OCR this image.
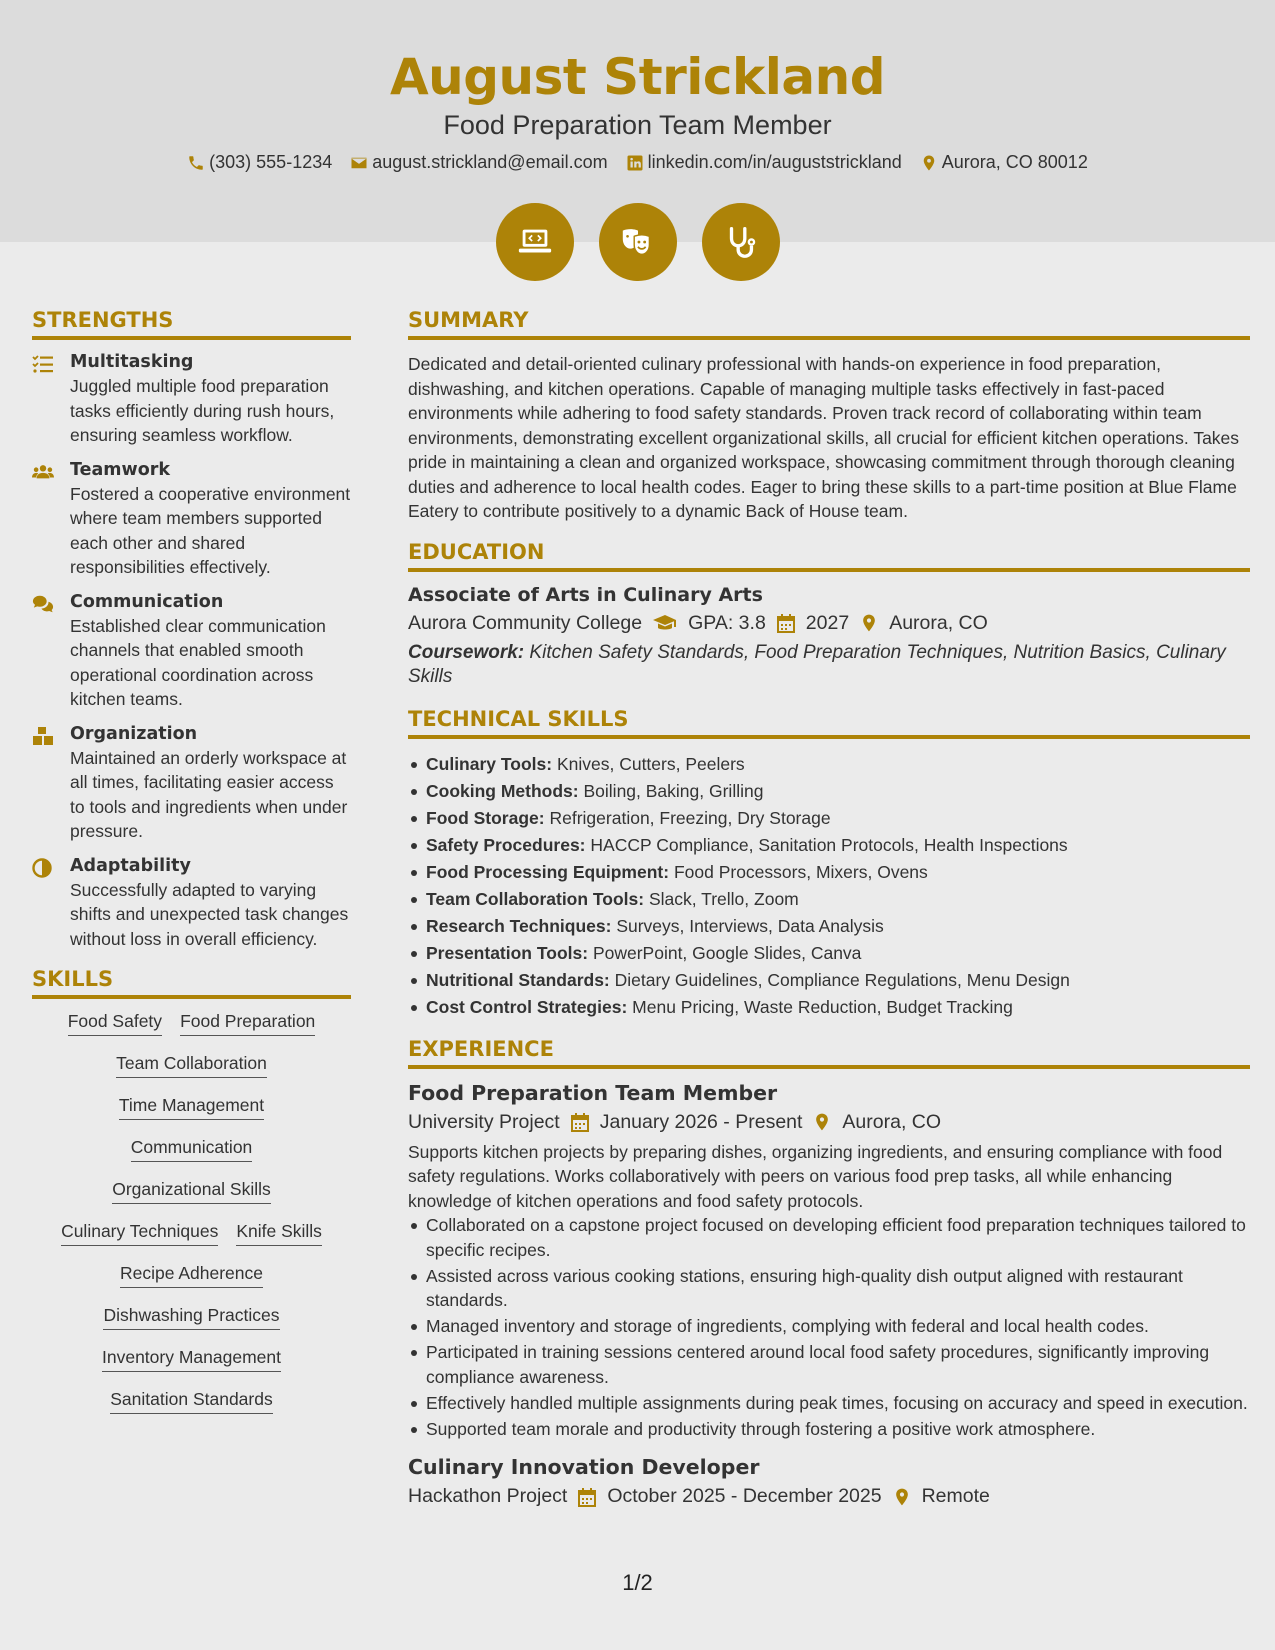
August Strickland
Food Preparation Team Member
(303) 555-1234 august.strickland@email.com linkedin.com/in/auguststrickland Aurora, CO 80012
STRENGTHS
Multitasking
Juggled multiple food preparation tasks efficiently during rush hours, ensuring seamless workflow.
Teamwork
Fostered a cooperative environment where team members supported each other and shared responsibilities effectively.
Communication
Established clear communication channels that enabled smooth operational coordination across kitchen teams.
Organization
Maintained an orderly workspace at all times, facilitating easier access to tools and ingredients when under pressure.
Adaptability
Successfully adapted to varying shifts and unexpected task changes without loss in overall efficiency.
SKILLS
Food Safety Food Preparation
Team Collaboration
Time Management
Communication
Organizational Skills
Culinary Techniques Knife Skills
Recipe Adherence
Dishwashing Practices
Inventory Management
Sanitation Standards
SUMMARY
Dedicated and detail-oriented culinary professional with hands-on experience in food preparation, dishwashing, and kitchen operations. Capable of managing multiple tasks effectively in fast-paced environments while adhering to food safety standards. Proven track record of collaborating within team environments, demonstrating excellent organizational skills, all crucial for efficient kitchen operations. Takes pride in maintaining a clean and organized workspace, showcasing commitment through thorough cleaning duties and adherence to local health codes. Eager to bring these skills to a part-time position at Blue Flame Eatery to contribute positively to a dynamic Back of House team.
EDUCATION
Associate of Arts in Culinary Arts
Aurora Community College GPA: 3.8 2027 Aurora, CO
Coursework: Kitchen Safety Standards, Food Preparation Techniques, Nutrition Basics, Culinary Skills
TECHNICAL SKILLS
Culinary Tools: Knives, Cutters, Peelers
Cooking Methods: Boiling, Baking, Grilling
Food Storage: Refrigeration, Freezing, Dry Storage
Safety Procedures: HACCP Compliance, Sanitation Protocols, Health Inspections
Food Processing Equipment: Food Processors, Mixers, Ovens
Team Collaboration Tools: Slack, Trello, Zoom
Research Techniques: Surveys, Interviews, Data Analysis
Presentation Tools: PowerPoint, Google Slides, Canva
Nutritional Standards: Dietary Guidelines, Compliance Regulations, Menu Design
Cost Control Strategies: Menu Pricing, Waste Reduction, Budget Tracking
EXPERIENCE
Food Preparation Team Member
University Project January 2026 - Present Aurora, CO
Supports kitchen projects by preparing dishes, organizing ingredients, and ensuring compliance with food safety regulations. Works collaboratively with peers on various food prep tasks, all while enhancing knowledge of kitchen operations and food safety protocols.
Collaborated on a capstone project focused on developing efficient food preparation techniques tailored to specific recipes.
Assisted across various cooking stations, ensuring high-quality dish output aligned with restaurant standards.
Managed inventory and storage of ingredients, complying with federal and local health codes.
Participated in training sessions centered around local food safety procedures, significantly improving compliance awareness.
Effectively handled multiple assignments during peak times, focusing on accuracy and speed in execution.
Supported team morale and productivity through fostering a positive work atmosphere.
Culinary Innovation Developer
Hackathon Project October 2025 - December 2025 Remote
1/2
